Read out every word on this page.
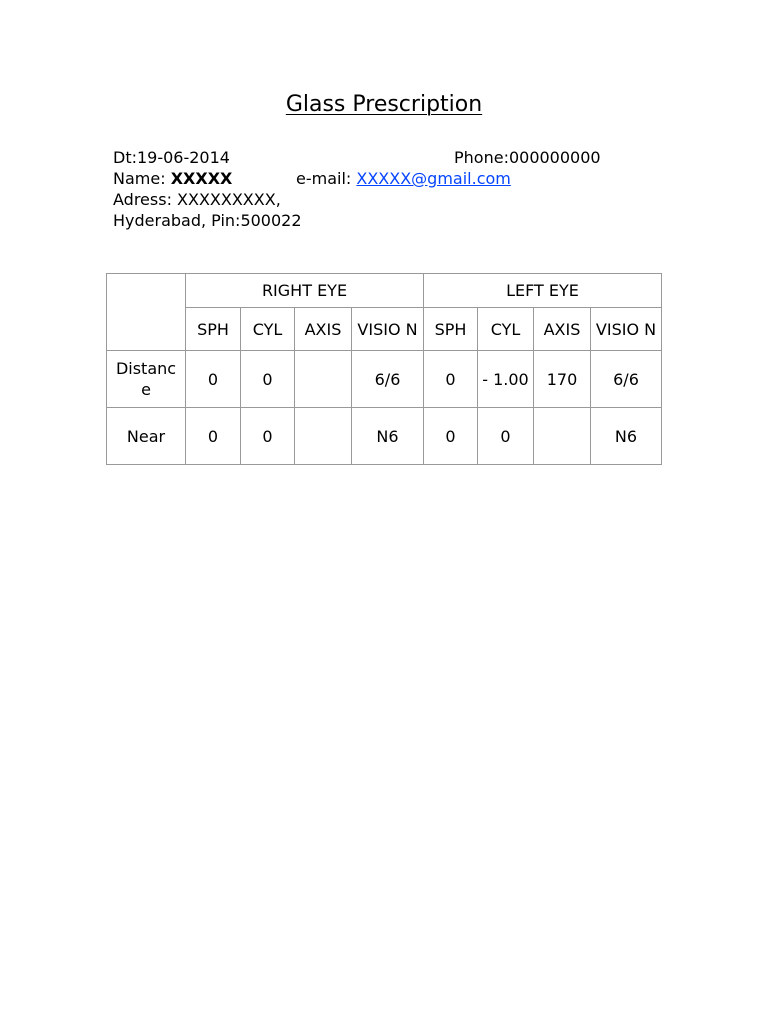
Glass Prescription
Dt:19-06-2014	Phone:000000000
Name: XXXXX	e-mail: XXXXX@gmail.com
Adress: XXXXXXXXX,
Hyderabad, Pin:500022
	RIGHT EYE				LEFT EYE			
	SPH	CYL	AXIS	VISIO N	SPH	CYL	AXIS	VISIO N
Distanc e	0	0		6/6	0	- 1.00	170	6/6
Near	0	0		N6	0	0		N6
